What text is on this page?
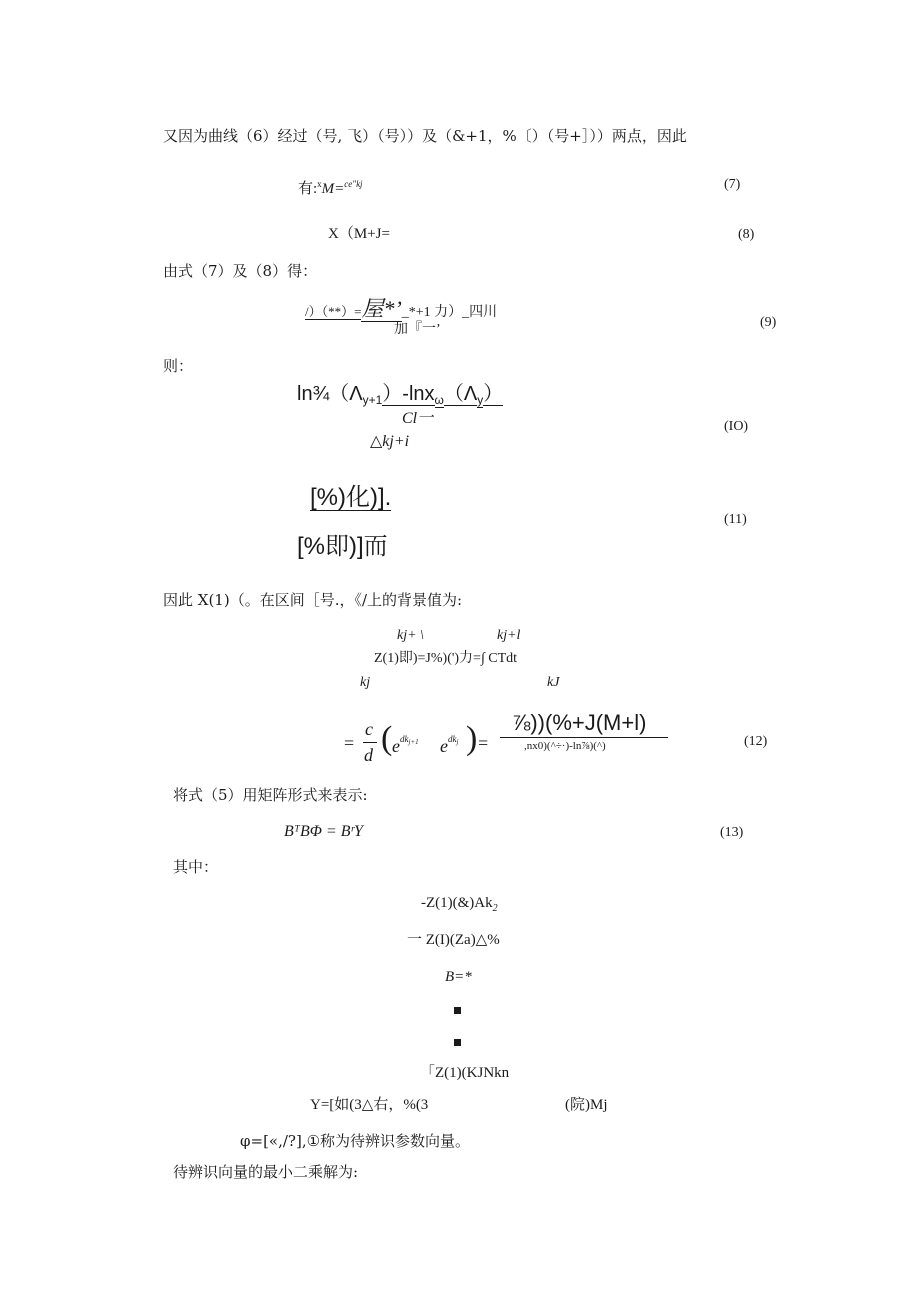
又因为曲线（6）经过（号, 飞）（号））及（&+1，%〔）（号+］））两点，因此
有:$^x$M=$^{ce"kj}$	(7)
X（M+J=	(8)
由式（7）及（8）得：
/）（**）=屋*’_*+1 力）_四川
加『一’	(9)
则：
$\ln\frac{3}{4}(\Lambda_{y+1})-\ln x_\omega(\Lambda_y)$
Cl一
△kj+i
(IO)
[%)化)].
[%即)]而
(11)
因此 X(1)（。在区间［号.，《/上的背景值为:
kj+ \	kj+l
Z(1)即)=J%)(')力=∫ CTdt
kj	kJ
=
c
d ( $e^{dkj+1}$ $e^{dkj}$ ) =
⅞))(%+J(M+l)
,nx0)(^÷·)-ln⅞)(^)	(12)
将式（5）用矩阵形式来表示:
BᵀBΦ = BʳY	(13)
其中：
$-Z(1)(\&)Ak_2$
一 Z(I)(Za)△%
B=*
「Z(1)(KJNkn
Y=[如(3△右，%(3	(院)Mj
φ=[«,/?],①称为待辨识参数向量。
待辨识向量的最小二乘解为:
